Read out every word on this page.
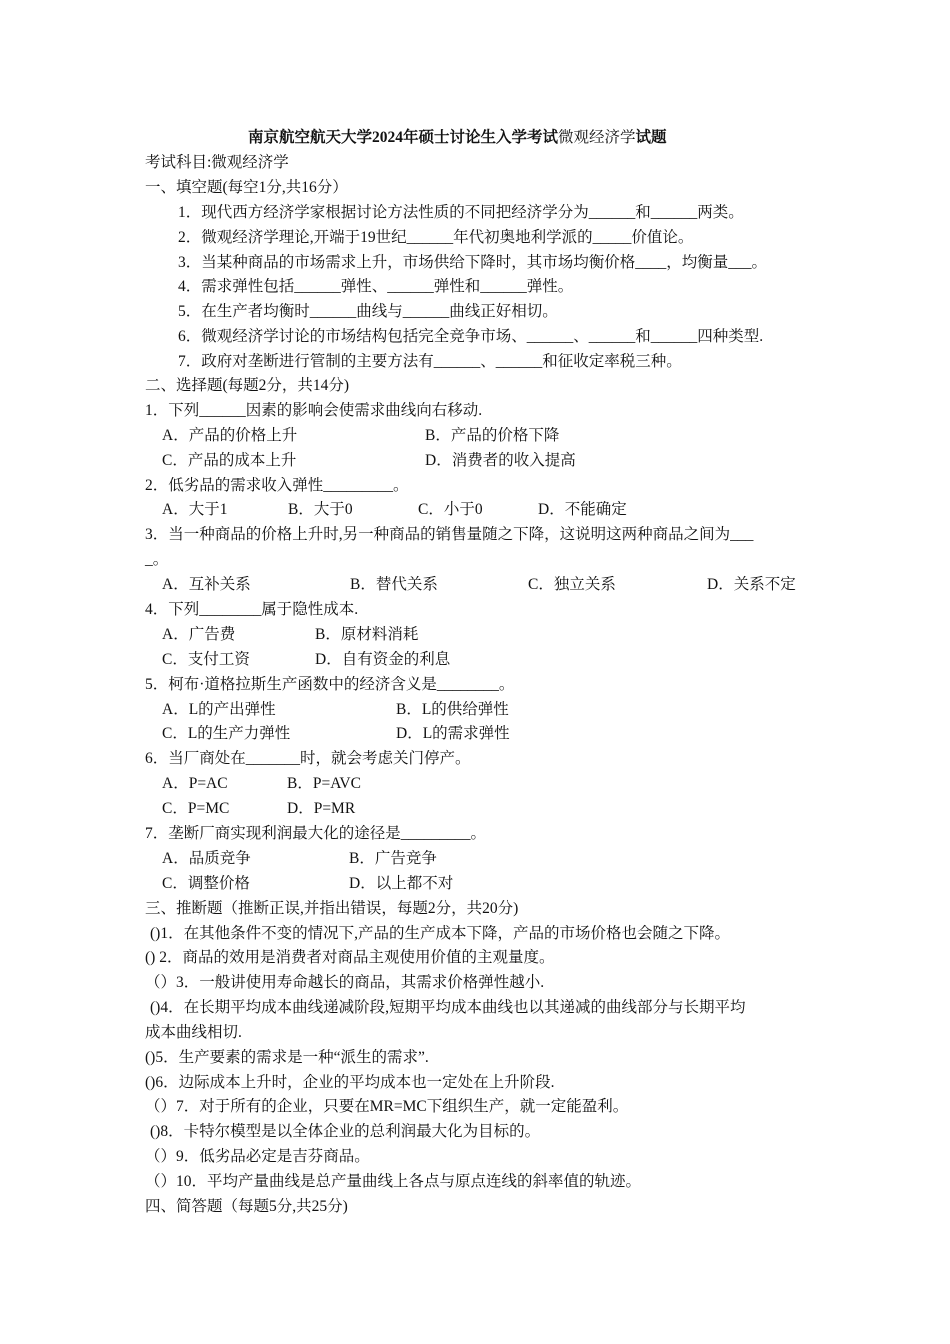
南京航空航天大学2024年硕士讨论生入学考试微观经济学试题
考试科目:微观经济学
一、填空题(每空1分,共16分）
1．现代西方经济学家根据讨论方法性质的不同把经济学分为______和______两类。
2．微观经济学理论,开端于19世纪______年代初奥地利学派的_____价值论。
3．当某种商品的市场需求上升，市场供给下降时，其市场均衡价格____，均衡量___。
4．需求弹性包括______弹性、______弹性和______弹性。
5．在生产者均衡时______曲线与______曲线正好相切。
6．微观经济学讨论的市场结构包括完全竞争市场、______、______和______四种类型.
7．政府对垄断进行管制的主要方法有______、______和征收定率税三种。
二、选择题(每题2分，共14分)
1．下列______因素的影响会使需求曲线向右移动.
A．产品的价格上升	B．产品的价格下降
C．产品的成本上升	D．消费者的收入提高
2．低劣品的需求收入弹性_________。
A．大于1	B．大于0	C．小于0	D．不能确定
3．当一种商品的价格上升时,另一种商品的销售量随之下降，这说明这两种商品之间为___
_。
A．互补关系	B．替代关系	C．独立关系	D．关系不定
4．下列________属于隐性成本.
A．广告费	B．原材料消耗
C．支付工资	D．自有资金的利息
5．柯布·道格拉斯生产函数中的经济含义是________。
A．L的产出弹性	B．L的供给弹性
C．L的生产力弹性	D．L的需求弹性
6．当厂商处在_______时，就会考虑关门停产。
A．P=AC	B．P=AVC
C．P=MC	D．P=MR
7．垄断厂商实现利润最大化的途径是_________。
A．品质竞争	B．广告竞争
C．调整价格	D．以上都不对
三、推断题（推断正误,并指出错误，每题2分，共20分)
()1．在其他条件不变的情况下,产品的生产成本下降，产品的市场价格也会随之下降。
() 2．商品的效用是消费者对商品主观使用价值的主观量度。
（）3．一般讲使用寿命越长的商品，其需求价格弹性越小.
()4．在长期平均成本曲线递减阶段,短期平均成本曲线也以其递减的曲线部分与长期平均
成本曲线相切.
()5．生产要素的需求是一种“派生的需求”.
()6．边际成本上升时，企业的平均成本也一定处在上升阶段.
（）7．对于所有的企业，只要在MR=MC下组织生产，就一定能盈利。
()8．卡特尔模型是以全体企业的总利润最大化为目标的。
（）9．低劣品必定是吉芬商品。
（）10．平均产量曲线是总产量曲线上各点与原点连线的斜率值的轨迹。
四、简答题（每题5分,共25分)
